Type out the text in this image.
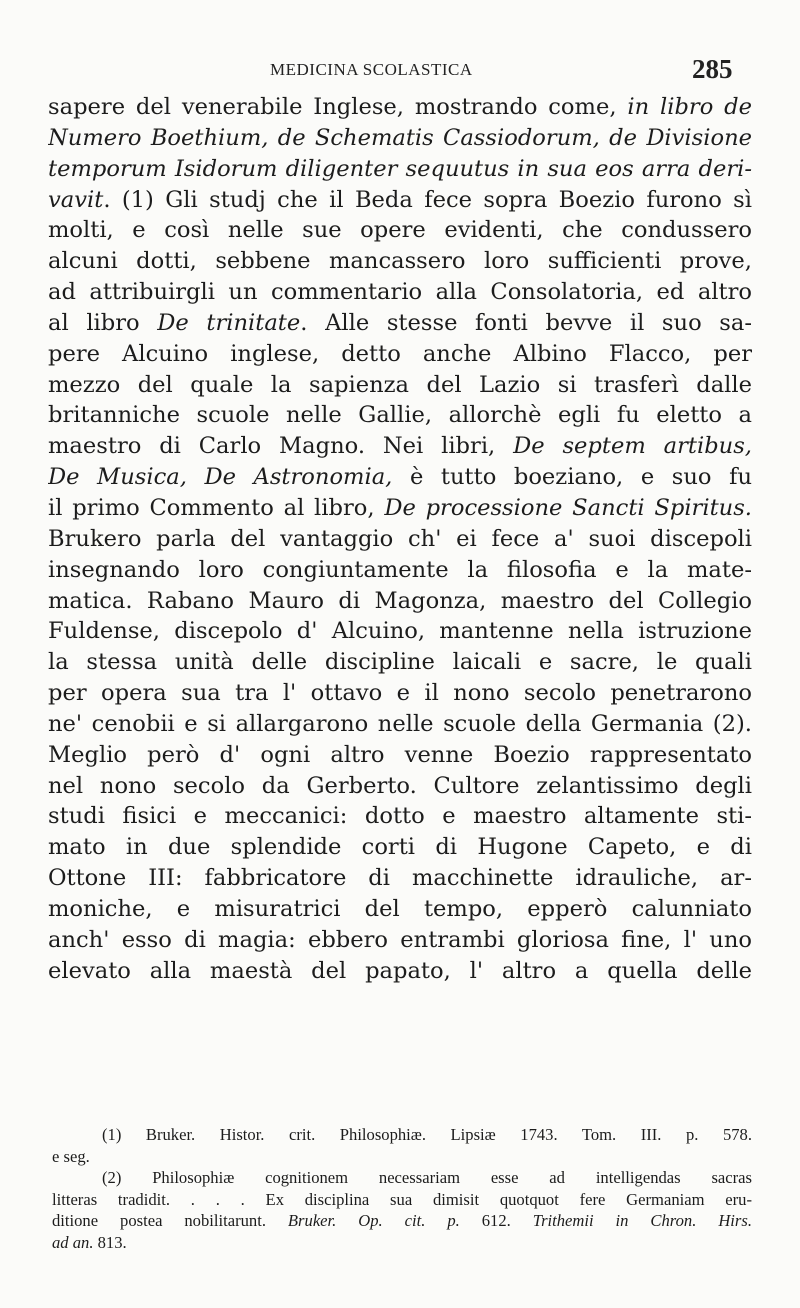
MEDICINA SCOLASTICA	285
sapere del venerabile Inglese, mostrando come, in libro de
Numero Boethium, de Schematis Cassiodorum, de Divisione
temporum Isidorum diligenter sequutus in sua eos arra deri-
vavit. (1) Gli studj che il Beda fece sopra Boezio furono sì
molti, e così nelle sue opere evidenti, che condussero
alcuni dotti, sebbene mancassero loro sufficienti prove,
ad attribuirgli un commentario alla Consolatoria, ed altro
al libro De trinitate. Alle stesse fonti bevve il suo sa-
pere Alcuino inglese, detto anche Albino Flacco, per
mezzo del quale la sapienza del Lazio si trasferì dalle
britanniche scuole nelle Gallie, allorchè egli fu eletto a
maestro di Carlo Magno. Nei libri, De septem artibus,
De Musica, De Astronomia, è tutto boeziano, e suo fu
il primo Commento al libro, De processione Sancti Spiritus.
Brukero parla del vantaggio ch' ei fece a' suoi discepoli
insegnando loro congiuntamente la filosofia e la mate-
matica. Rabano Mauro di Magonza, maestro del Collegio
Fuldense, discepolo d' Alcuino, mantenne nella istruzione
la stessa unità delle discipline laicali e sacre, le quali
per opera sua tra l' ottavo e il nono secolo penetrarono
ne' cenobii e si allargarono nelle scuole della Germania (2).
Meglio però d' ogni altro venne Boezio rappresentato
nel nono secolo da Gerberto. Cultore zelantissimo degli
studi fisici e meccanici: dotto e maestro altamente sti-
mato in due splendide corti di Hugone Capeto, e di
Ottone III: fabbricatore di macchinette idrauliche, ar-
moniche, e misuratrici del tempo, epperò calunniato
anch' esso di magia: ebbero entrambi gloriosa fine, l' uno
elevato alla maestà del papato, l' altro a quella delle
(1) Bruker. Histor. crit. Philosophiæ. Lipsiæ 1743. Tom. III. p. 578.
e seg.
(2) Philosophiæ cognitionem necessariam esse ad intelligendas sacras
litteras tradidit. . . . Ex disciplina sua dimisit quotquot fere Germaniam eru-
ditione postea nobilitarunt. Bruker. Op. cit. p. 612. Trithemii in Chron. Hirs.
ad an. 813.
